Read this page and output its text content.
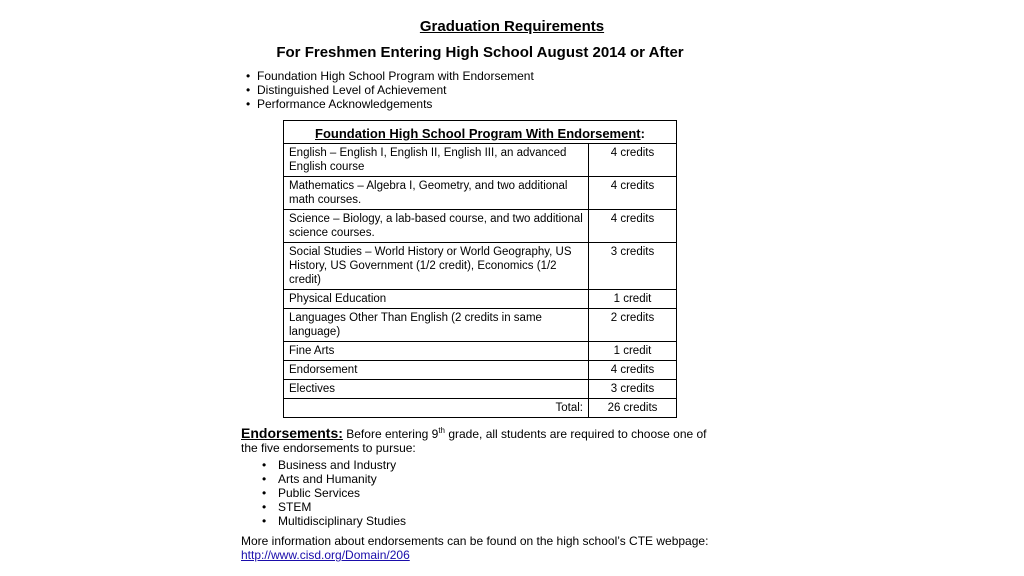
Graduation Requirements
For Freshmen Entering High School August 2014 or After
• Foundation High School Program with Endorsement
• Distinguished Level of Achievement
• Performance Acknowledgements
Foundation High School Program With Endorsement:	
English – English I, English II, English III, an advanced English course	4 credits
Mathematics – Algebra I, Geometry, and two additional math courses.	4 credits
Science – Biology, a lab-based course, and two additional science courses.	4 credits
Social Studies – World History or World Geography, US History, US Government (1/2 credit), Economics (1/2 credit)	3 credits
Physical Education	1 credit
Languages Other Than English (2 credits in same language)	2 credits
Fine Arts	1 credit
Endorsement	4 credits
Electives	3 credits
Total:	26 credits

Endorsements: Before entering 9th grade, all students are required to choose one of the five endorsements to pursue:

• Business and Industry
• Arts and Humanity
• Public Services
• STEM
• Multidisciplinary Studies

More information about endorsements can be found on the high school’s CTE webpage:
http://www.cisd.org/Domain/206
